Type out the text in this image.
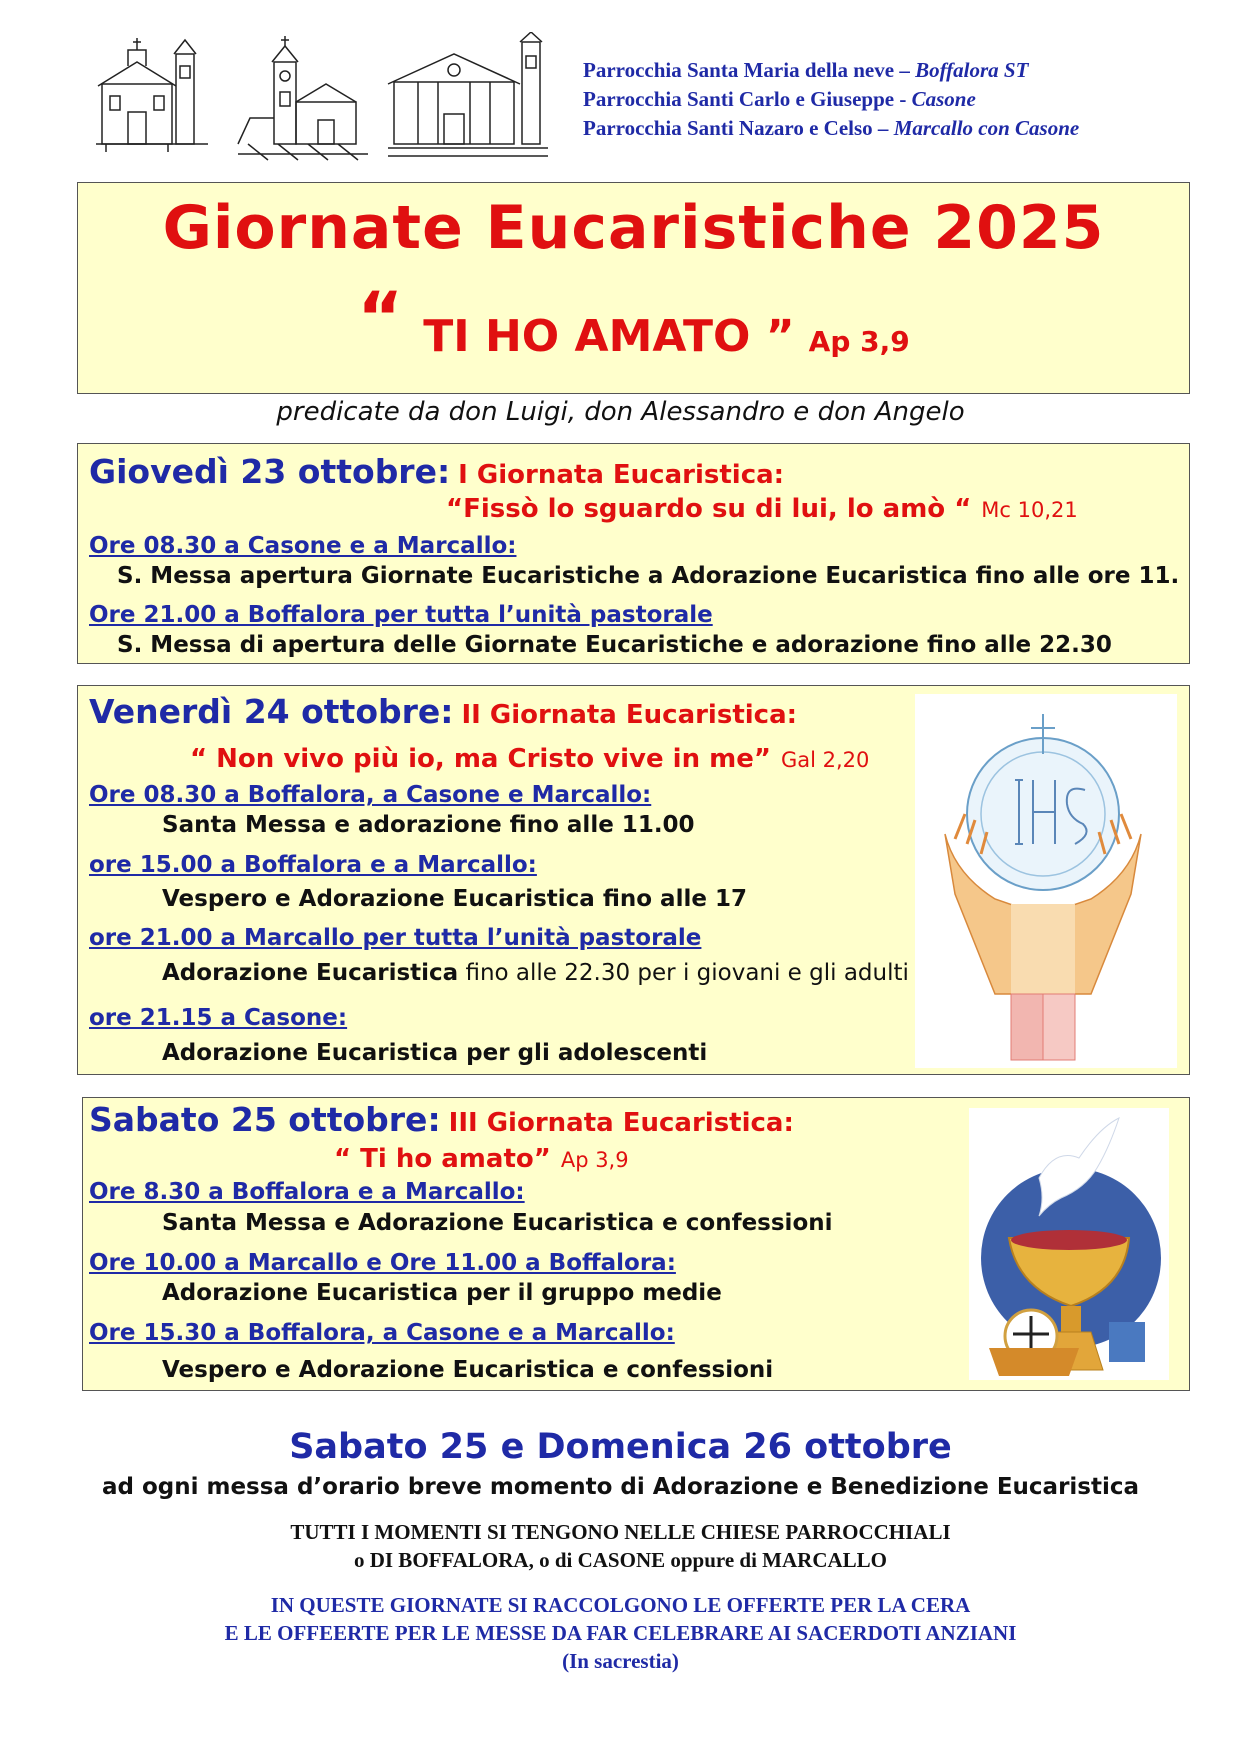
Parrocchia Santa Maria della neve – Boffalora ST
Parrocchia Santi Carlo e Giuseppe - Casone
Parrocchia Santi Nazaro e Celso – Marcallo con Casone
Giornate Eucaristiche 2025
“ TI HO AMATO ” Ap 3,9
predicate da don Luigi, don Alessandro e don Angelo
Giovedì 23 ottobre: I Giornata Eucaristica:
“Fissò lo sguardo su di lui, lo amò “ Mc 10,21
Ore 08.30 a Casone e a Marcallo:
S. Messa apertura Giornate Eucaristiche a Adorazione Eucaristica fino alle ore 11.
Ore 21.00 a Boffalora per tutta l’unità pastorale
S. Messa di apertura delle Giornate Eucaristiche e adorazione fino alle 22.30
Venerdì 24 ottobre: II Giornata Eucaristica:
“ Non vivo più io, ma Cristo vive in me” Gal 2,20
Ore 08.30 a Boffalora, a Casone e Marcallo:
Santa Messa e adorazione fino alle 11.00
ore 15.00 a Boffalora e a Marcallo:
Vespero e Adorazione Eucaristica fino alle 17
ore 21.00 a Marcallo per tutta l’unità pastorale
Adorazione Eucaristica fino alle 22.30 per i giovani e gli adulti
ore 21.15 a Casone:
Adorazione Eucaristica per gli adolescenti
Sabato 25 ottobre: III Giornata Eucaristica:
“ Ti ho amato” Ap 3,9
Ore 8.30 a Boffalora e a Marcallo:
Santa Messa e Adorazione Eucaristica e confessioni
Ore 10.00 a Marcallo e Ore 11.00 a Boffalora:
Adorazione Eucaristica per il gruppo medie
Ore 15.30 a Boffalora, a Casone e a Marcallo:
Vespero e Adorazione Eucaristica e confessioni
Sabato 25 e Domenica 26 ottobre
ad ogni messa d’orario breve momento di Adorazione e Benedizione Eucaristica
TUTTI I MOMENTI SI TENGONO NELLE CHIESE PARROCCHIALI
o DI BOFFALORA, o di CASONE oppure di MARCALLO
IN QUESTE GIORNATE SI RACCOLGONO LE OFFERTE PER LA CERA
E LE OFFEERTE PER LE MESSE DA FAR CELEBRARE AI SACERDOTI ANZIANI
(In sacrestia)
